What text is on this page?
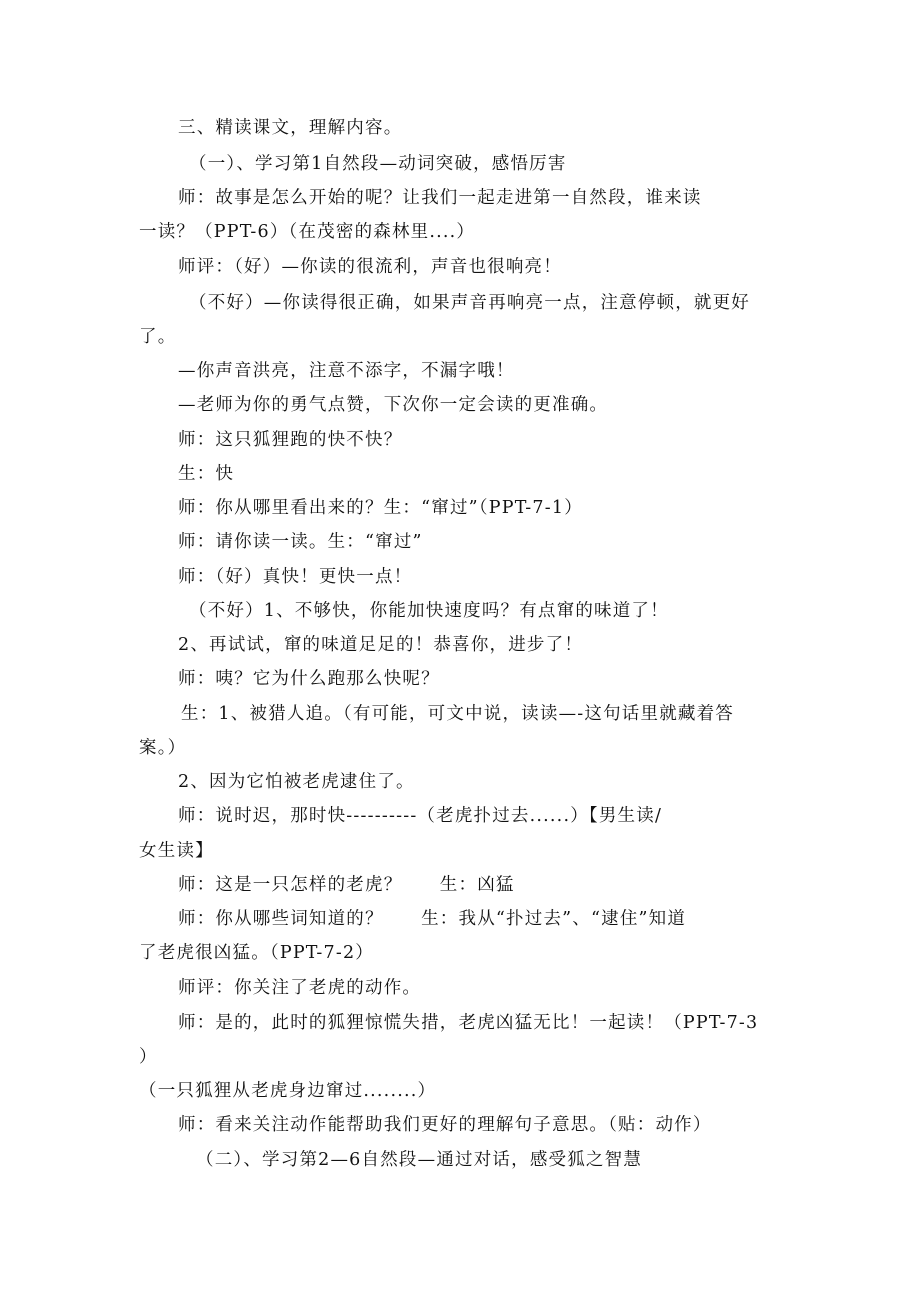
三、精读课文，理解内容。
（一）、学习第1自然段—动词突破，感悟厉害
师：故事是怎么开始的呢？让我们一起走进第一自然段，谁来读
一读？（PPT-6）（在茂密的森林里....）
师评：（好）—你读的很流利，声音也很响亮！
（不好）—你读得很正确，如果声音再响亮一点，注意停顿，就更好
了。
—你声音洪亮，注意不添字，不漏字哦！
—老师为你的勇气点赞，下次你一定会读的更准确。
师：这只狐狸跑的快不快？
生：快
师：你从哪里看出来的？生：“窜过”（PPT-7-1）
师：请你读一读。生：“窜过”
师：（好）真快！更快一点！
（不好）1、不够快，你能加快速度吗？有点窜的味道了！
2、再试试，窜的味道足足的！恭喜你，进步了！
师：咦？它为什么跑那么快呢？
生：1、被猎人追。（有可能，可文中说，读读—-这句话里就藏着答
案。）
2、因为它怕被老虎逮住了。
师：说时迟，那时快----------（老虎扑过去......）【男生读/
女生读】
师：这是一只怎样的老虎？　　生：凶猛
师：你从哪些词知道的？　　生：我从“扑过去”、“逮住”知道
了老虎很凶猛。（PPT-7-2）
师评：你关注了老虎的动作。
师：是的，此时的狐狸惊慌失措，老虎凶猛无比！一起读！（PPT-7-3
）
（一只狐狸从老虎身边窜过........）
师：看来关注动作能帮助我们更好的理解句子意思。（贴：动作）
（二）、学习第2—6自然段—通过对话，感受狐之智慧
